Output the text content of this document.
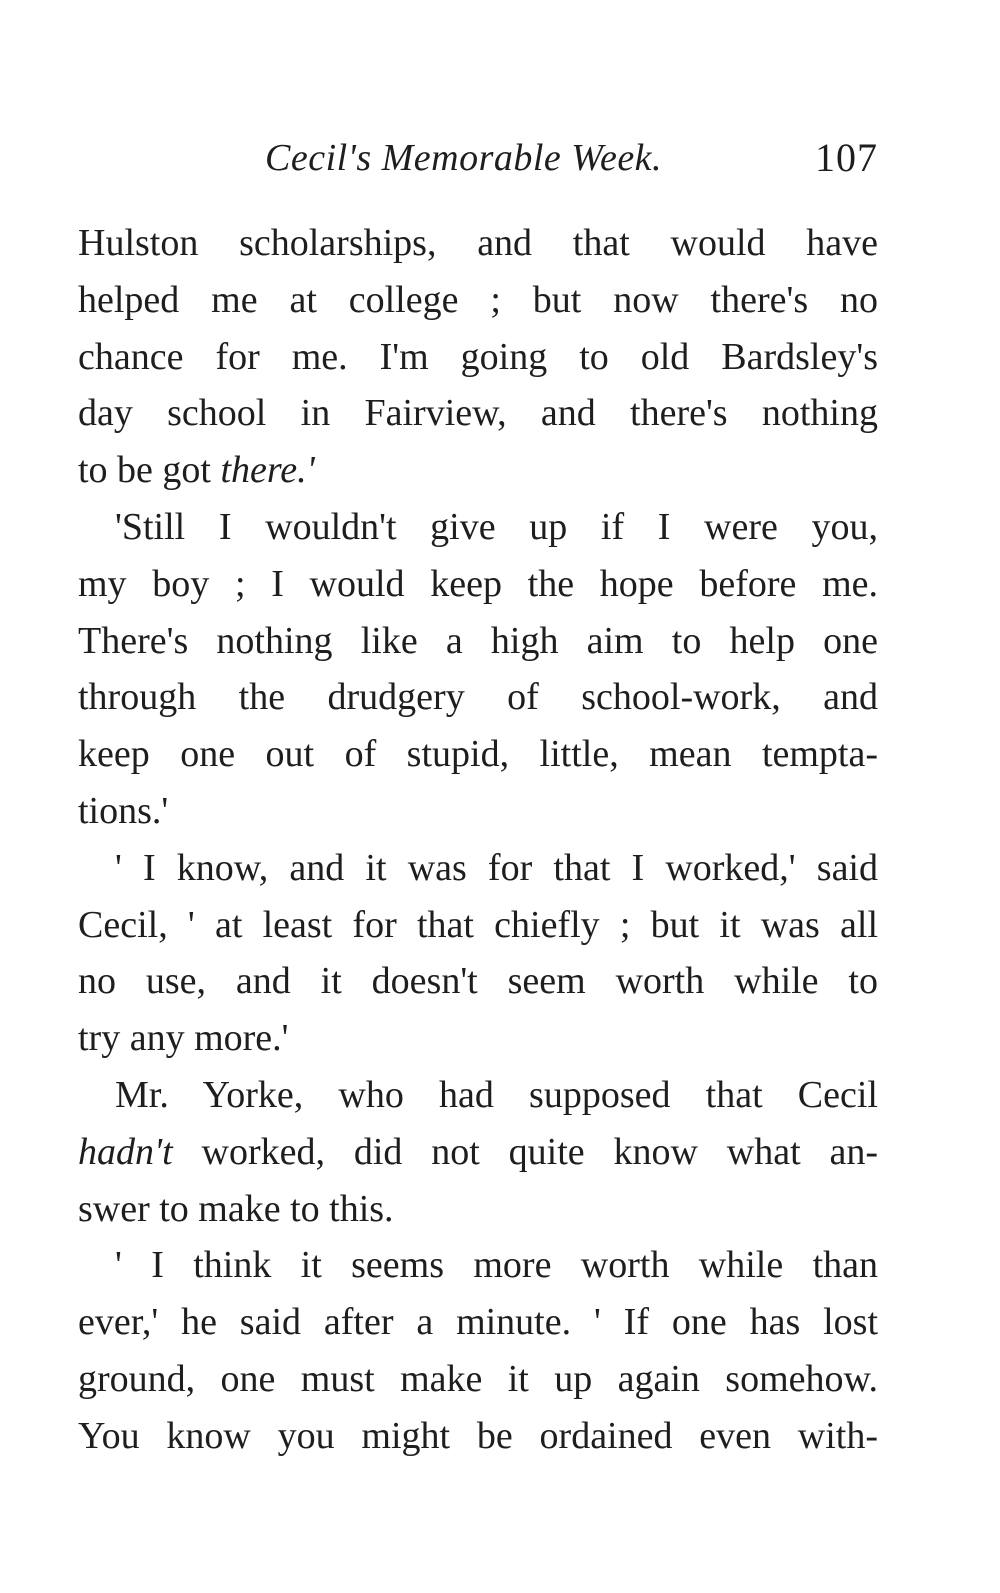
Cecil's Memorable Week.	107
Hulston scholarships, and that would have
helped me at college ; but now there's no
chance for me. I'm going to old Bardsley's
day school in Fairview, and there's nothing
to be got there.'
'Still I wouldn't give up if I were you,
my boy ; I would keep the hope before me.
There's nothing like a high aim to help one
through the drudgery of school-work, and
keep one out of stupid, little, mean tempta-
tions.'
' I know, and it was for that I worked,' said
Cecil, ' at least for that chiefly ; but it was all
no use, and it doesn't seem worth while to
try any more.'
Mr. Yorke, who had supposed that Cecil
hadn't worked, did not quite know what an-
swer to make to this.
' I think it seems more worth while than
ever,' he said after a minute. ' If one has lost
ground, one must make it up again somehow.
You know you might be ordained even with-
